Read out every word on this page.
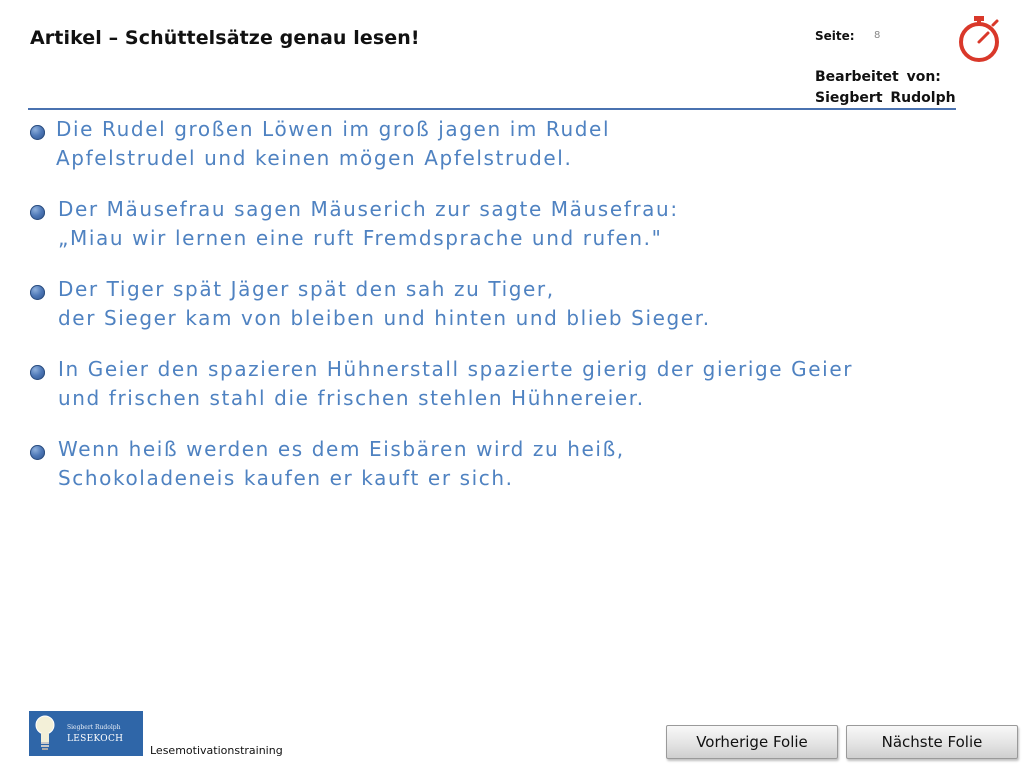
Artikel – Schüttelsätze genau lesen!	Seite: 8
Bearbeitet von:
Siegbert Rudolph
Die Rudel großen Löwen im groß jagen im Rudel
Apfelstrudel und keinen mögen Apfelstrudel.
Der Mäusefrau sagen Mäuserich zur sagte Mäusefrau:
„Miau wir lernen eine ruft Fremdsprache und rufen."
Der Tiger spät Jäger spät den sah zu Tiger,
der Sieger kam von bleiben und hinten und blieb Sieger.
In Geier den spazieren Hühnerstall spazierte gierig der gierige Geier
und frischen stahl die frischen stehlen Hühnereier.
Wenn heiß werden es dem Eisbären wird zu heiß,
Schokoladeneis kaufen er kauft er sich.
Siegbert Rudolph
LESEKOCH
Lesemotivationstraining	Vorherige Folie	Nächste Folie
